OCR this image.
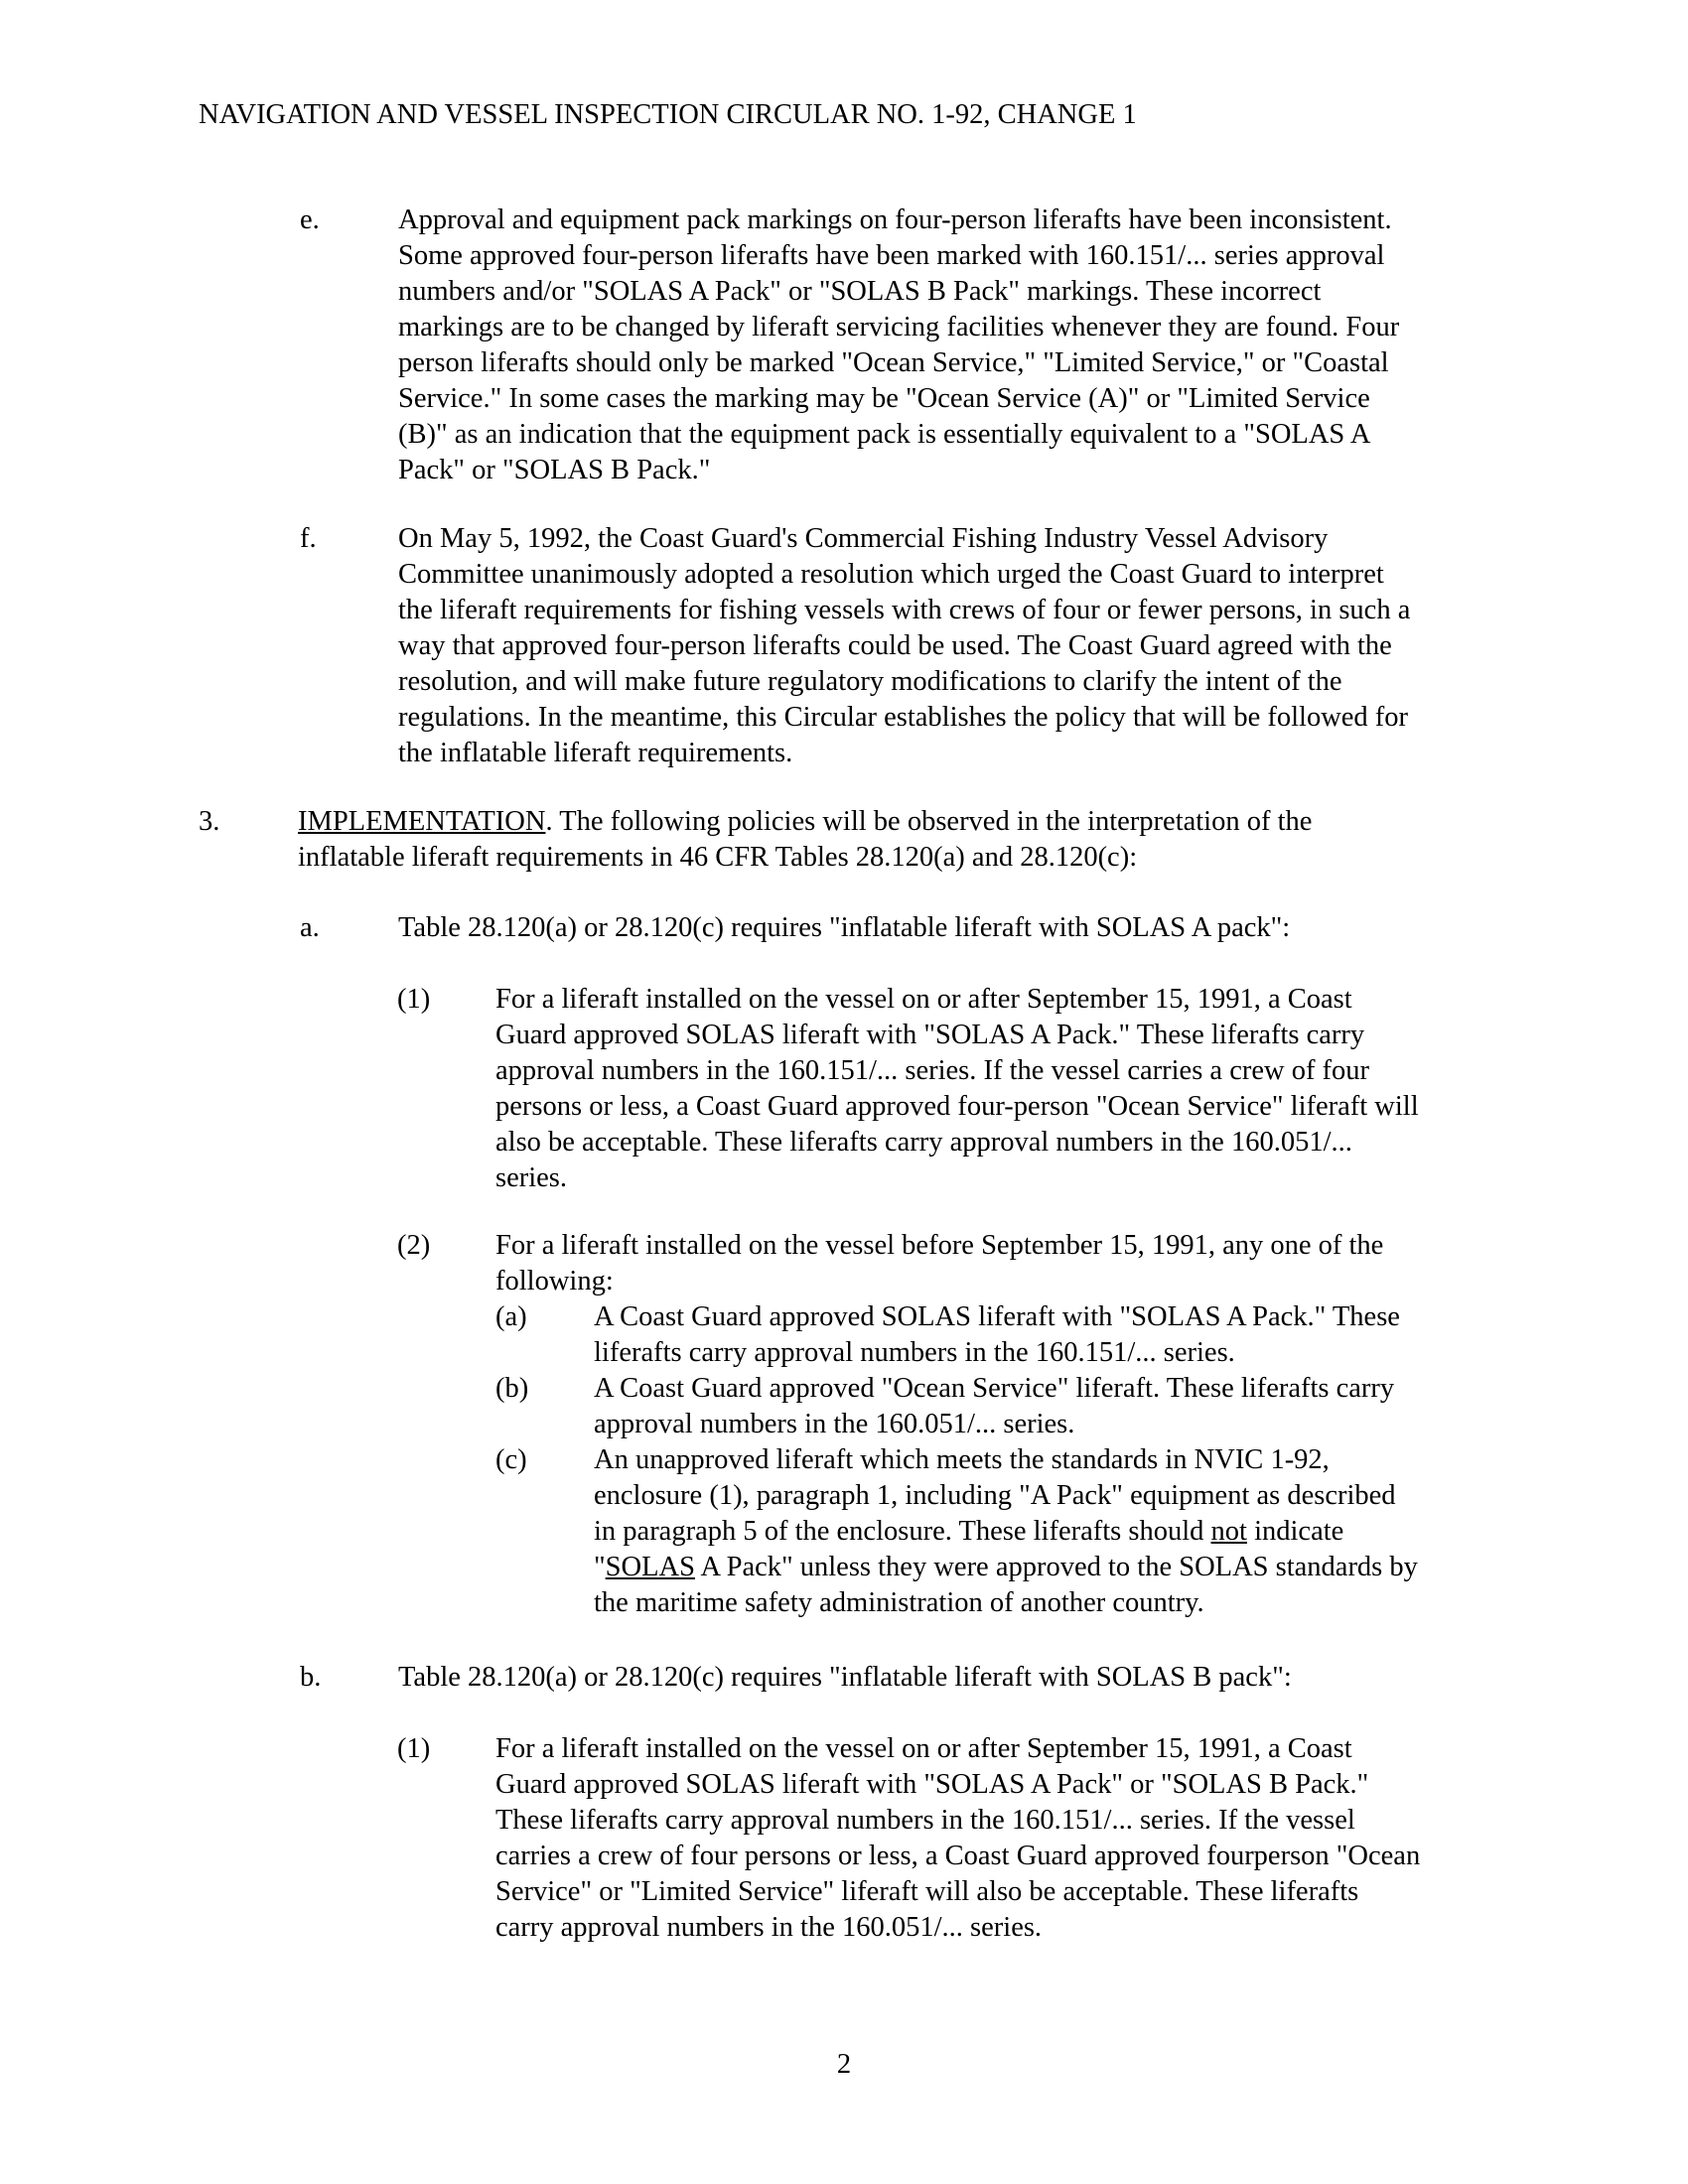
NAVIGATION AND VESSEL INSPECTION CIRCULAR NO. 1-92, CHANGE 1
e.	Approval and equipment pack markings on four-person liferafts have been inconsistent.
Some approved four-person liferafts have been marked with 160.151/... series approval
numbers and/or "SOLAS A Pack" or "SOLAS B Pack" markings. These incorrect
markings are to be changed by liferaft servicing facilities whenever they are found. Four
person liferafts should only be marked "Ocean Service," "Limited Service," or "Coastal
Service." In some cases the marking may be "Ocean Service (A)" or "Limited Service
(B)" as an indication that the equipment pack is essentially equivalent to a "SOLAS A
Pack" or "SOLAS B Pack."
f.	On May 5, 1992, the Coast Guard's Commercial Fishing Industry Vessel Advisory
Committee unanimously adopted a resolution which urged the Coast Guard to interpret
the liferaft requirements for fishing vessels with crews of four or fewer persons, in such a
way that approved four-person liferafts could be used. The Coast Guard agreed with the
resolution, and will make future regulatory modifications to clarify the intent of the
regulations. In the meantime, this Circular establishes the policy that will be followed for
the inflatable liferaft requirements.
3.	IMPLEMENTATION. The following policies will be observed in the interpretation of the
inflatable liferaft requirements in 46 CFR Tables 28.120(a) and 28.120(c):
a.	Table 28.120(a) or 28.120(c) requires "inflatable liferaft with SOLAS A pack":
(1) For a liferaft installed on the vessel on or after September 15, 1991, a Coast
Guard approved SOLAS liferaft with "SOLAS A Pack." These liferafts carry
approval numbers in the 160.151/... series. If the vessel carries a crew of four
persons or less, a Coast Guard approved four-person "Ocean Service" liferaft will
also be acceptable. These liferafts carry approval numbers in the 160.051/...
series.
(2) For a liferaft installed on the vessel before September 15, 1991, any one of the
following:
(a) A Coast Guard approved SOLAS liferaft with "SOLAS A Pack." These
liferafts carry approval numbers in the 160.151/... series.
(b) A Coast Guard approved "Ocean Service" liferaft. These liferafts carry
approval numbers in the 160.051/... series.
(c) An unapproved liferaft which meets the standards in NVIC 1-92,
enclosure (1), paragraph 1, including "A Pack" equipment as described
in paragraph 5 of the enclosure. These liferafts should not indicate
"SOLAS A Pack" unless they were approved to the SOLAS standards by
the maritime safety administration of another country.
b.	Table 28.120(a) or 28.120(c) requires "inflatable liferaft with SOLAS B pack":
(1) For a liferaft installed on the vessel on or after September 15, 1991, a Coast
Guard approved SOLAS liferaft with "SOLAS A Pack" or "SOLAS B Pack."
These liferafts carry approval numbers in the 160.151/... series. If the vessel
carries a crew of four persons or less, a Coast Guard approved fourperson "Ocean
Service" or "Limited Service" liferaft will also be acceptable. These liferafts
carry approval numbers in the 160.051/... series.
2
